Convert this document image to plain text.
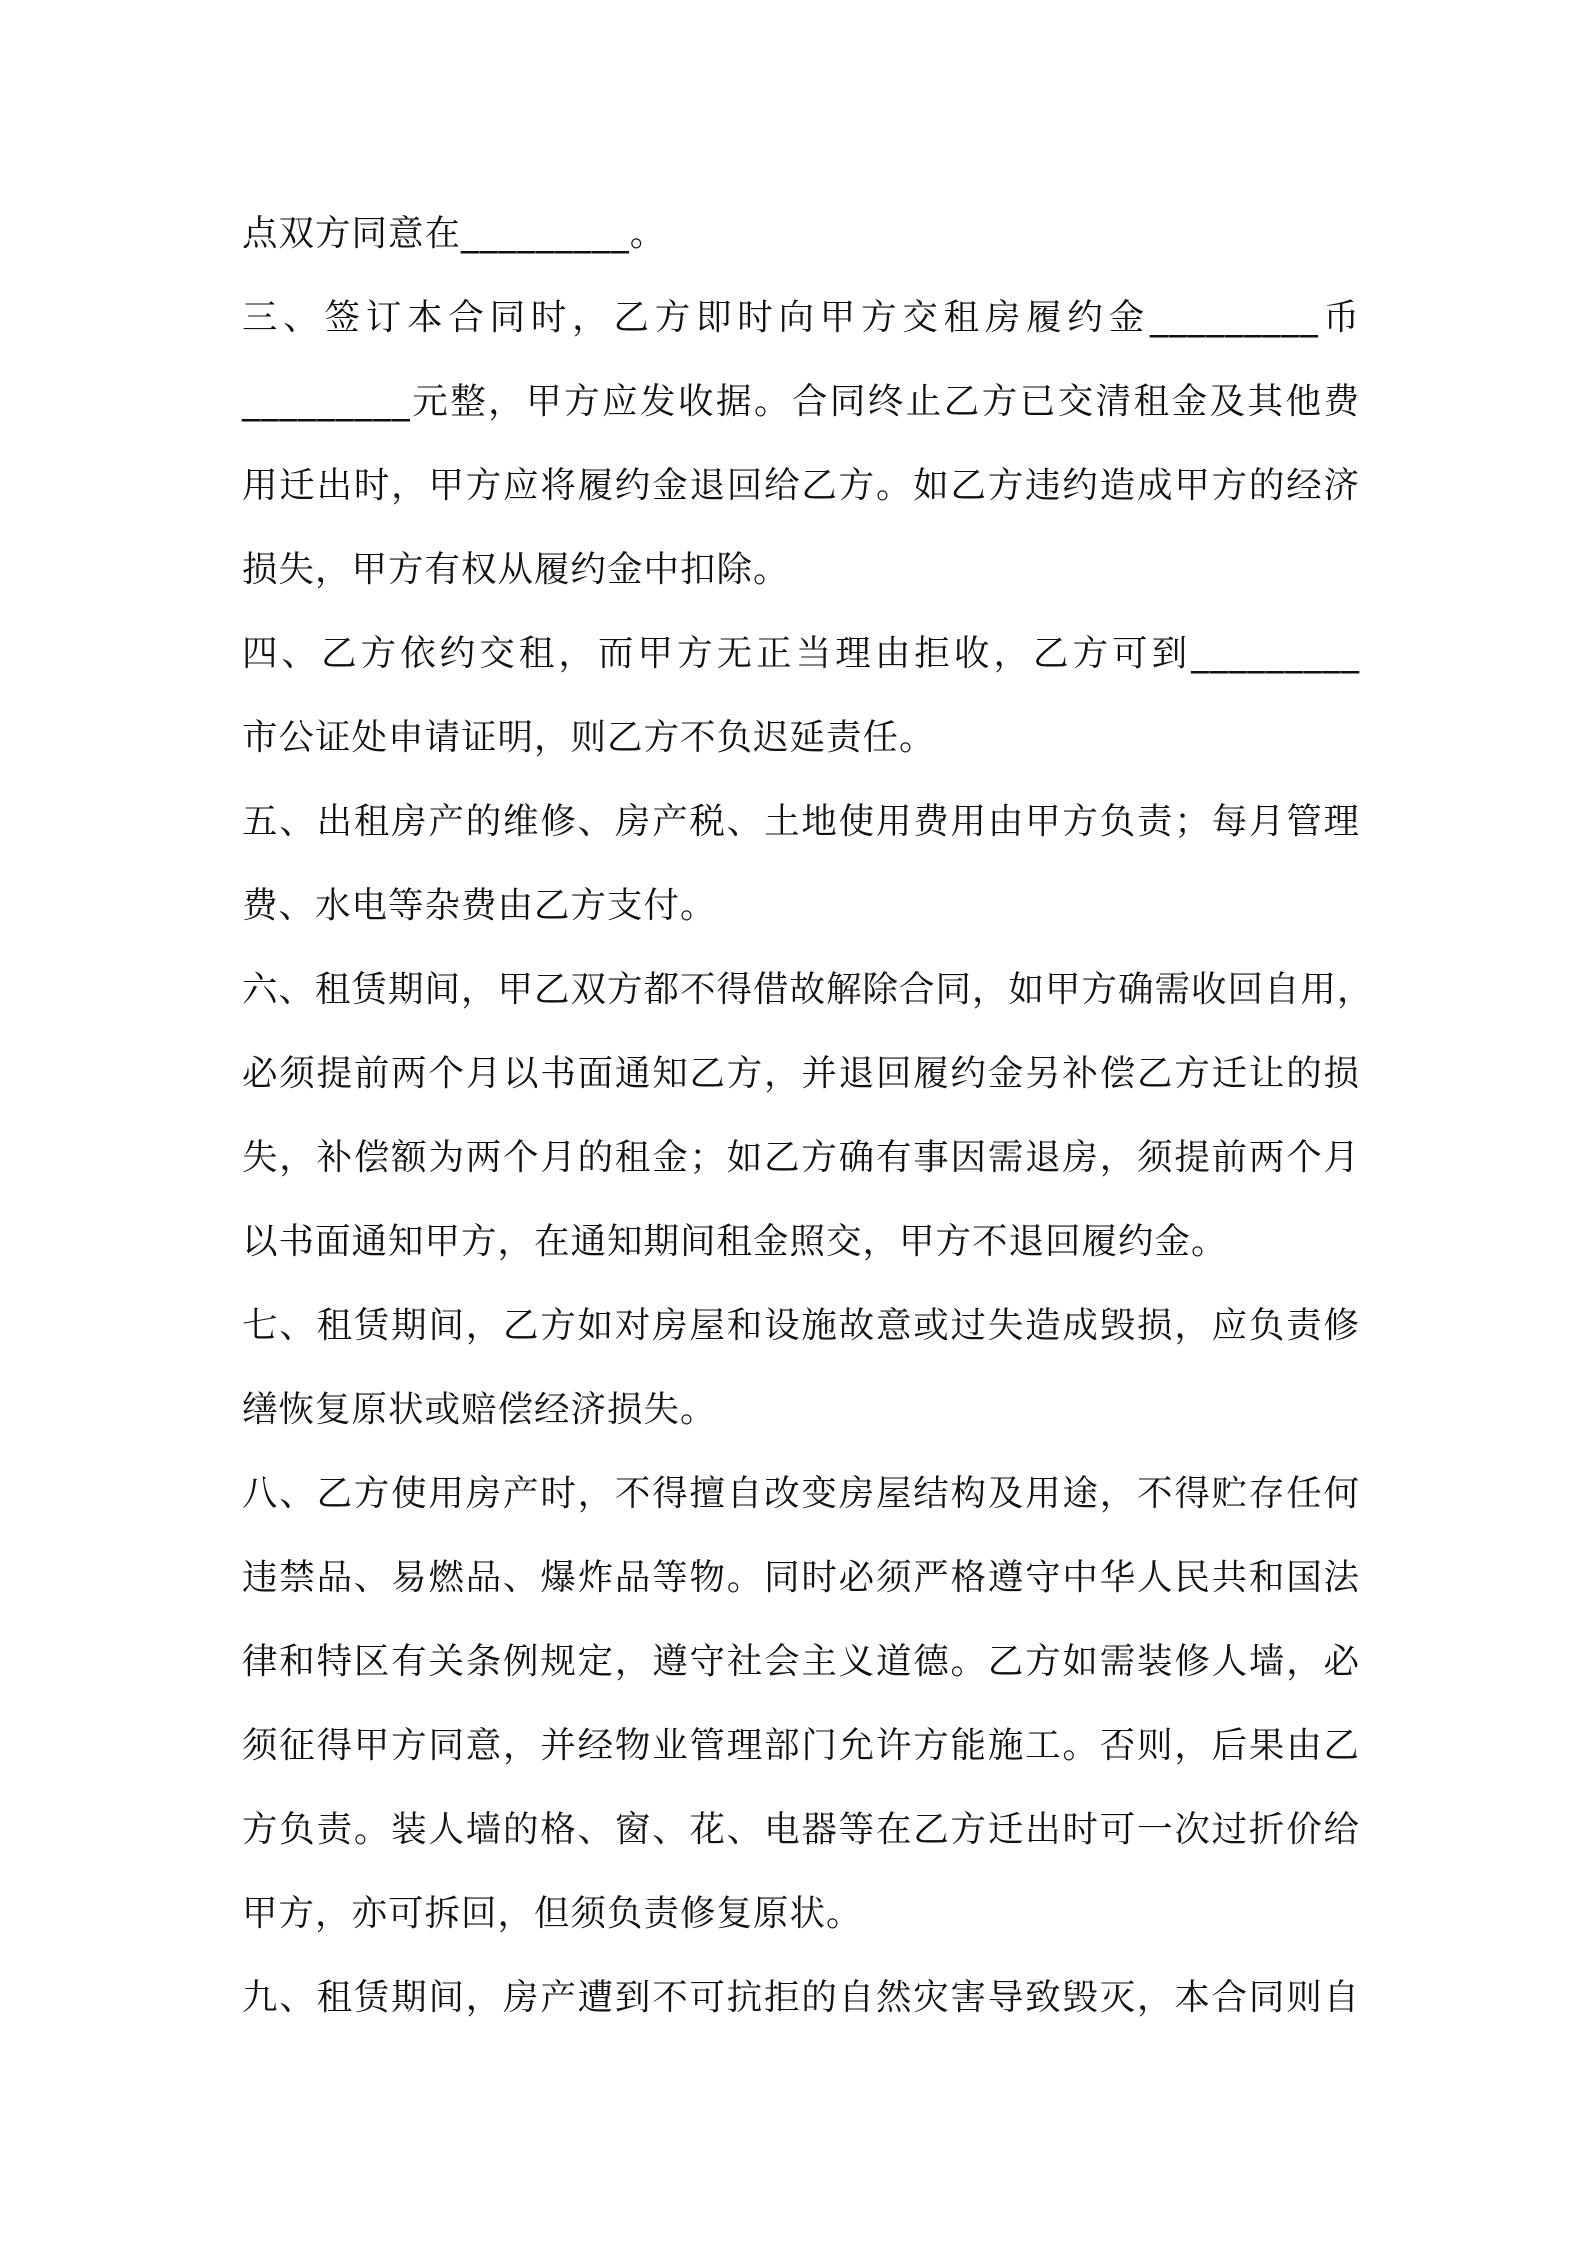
点双方同意在_________。
三、签订本合同时，乙方即时向甲方交租房履约金_________币
_________元整，甲方应发收据。合同终止乙方已交清租金及其他费
用迁出时，甲方应将履约金退回给乙方。如乙方违约造成甲方的经济
损失，甲方有权从履约金中扣除。
四、乙方依约交租，而甲方无正当理由拒收，乙方可到_________
市公证处申请证明，则乙方不负迟延责任。
五、出租房产的维修、房产税、土地使用费用由甲方负责；每月管理
费、水电等杂费由乙方支付。
六、租赁期间，甲乙双方都不得借故解除合同，如甲方确需收回自用，
必须提前两个月以书面通知乙方，并退回履约金另补偿乙方迁让的损
失，补偿额为两个月的租金；如乙方确有事因需退房，须提前两个月
以书面通知甲方，在通知期间租金照交，甲方不退回履约金。
七、租赁期间，乙方如对房屋和设施故意或过失造成毁损，应负责修
缮恢复原状或赔偿经济损失。
八、乙方使用房产时，不得擅自改变房屋结构及用途，不得贮存任何
违禁品、易燃品、爆炸品等物。同时必须严格遵守中华人民共和国法
律和特区有关条例规定，遵守社会主义道德。乙方如需装修人墙，必
须征得甲方同意，并经物业管理部门允许方能施工。否则，后果由乙
方负责。装人墙的格、窗、花、电器等在乙方迁出时可一次过折价给
甲方，亦可拆回，但须负责修复原状。
九、租赁期间，房产遭到不可抗拒的自然灾害导致毁灭，本合同则自
